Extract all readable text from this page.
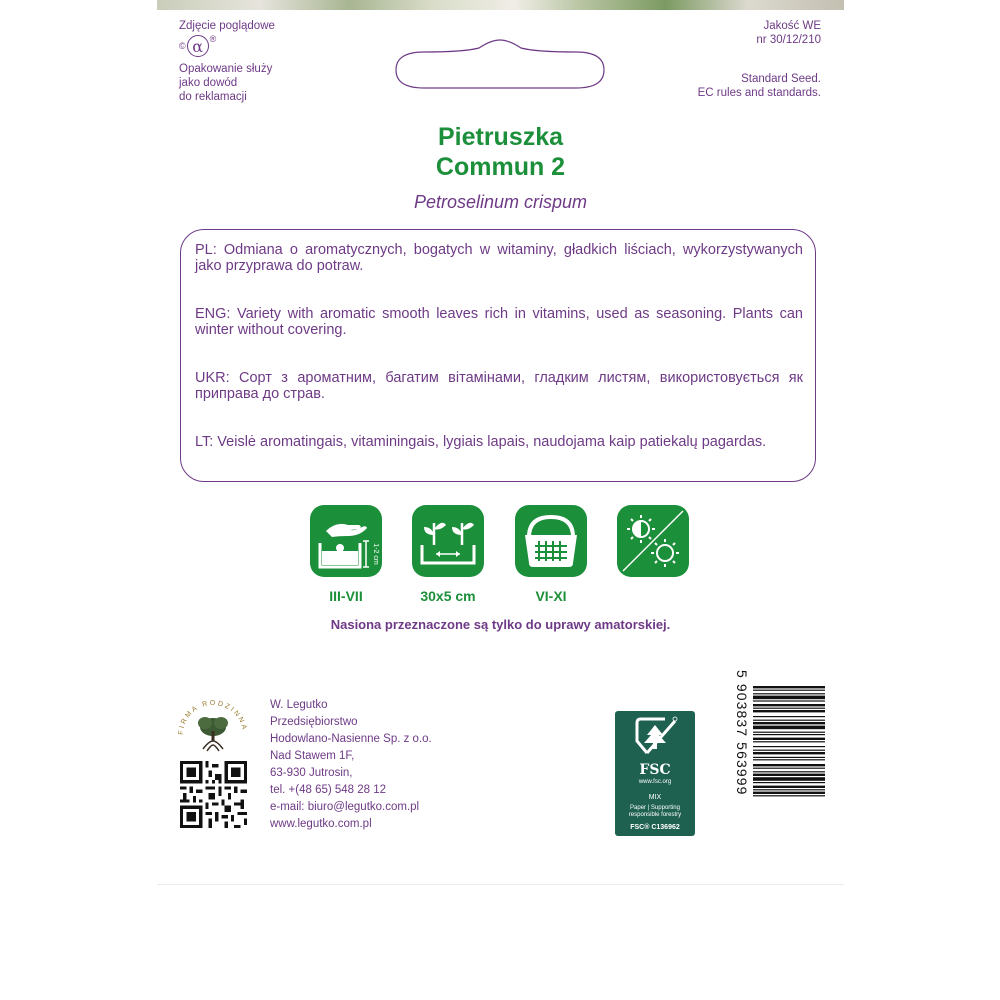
Zdjęcie poglądowe
© α ®
Opakowanie służy
jako dowód
do reklamacji
Jakość WE
nr 30/12/210
Standard Seed.
EC rules and standards.
Pietruszka
Commun 2
Petroselinum crispum

PL: Odmiana o aromatycznych, bogatych w witaminy, gładkich liściach, wykorzystywanych jako przyprawa do potraw.

ENG: Variety with aromatic smooth leaves rich in vitamins, used as seasoning. Plants can winter without covering.

UKR: Сорт з ароматним, багатим вітамінами, гладким листям, використовується як приправа до страв.

LT: Veislė aromatingais, vitaminingais, lygiais lapais, naudojama kaip patiekalų pagardas.

1-2 cm
III-VII	30x5 cm	VI-XI
Nasiona przeznaczone są tylko do uprawy amatorskiej.
FIRMA RODZINNA
W. Legutko
Przedsiębiorstwo
Hodowlano-Nasienne Sp. z o.o.
Nad Stawem 1F,
63-930 Jutrosin,
tel. +(48 65) 548 28 12
e-mail: biuro@legutko.com.pl
www.legutko.com.pl
FSC
www.fsc.org
MIX
Paper | Supporting
responsible forestry
FSC® C136962
5 903837 563999
